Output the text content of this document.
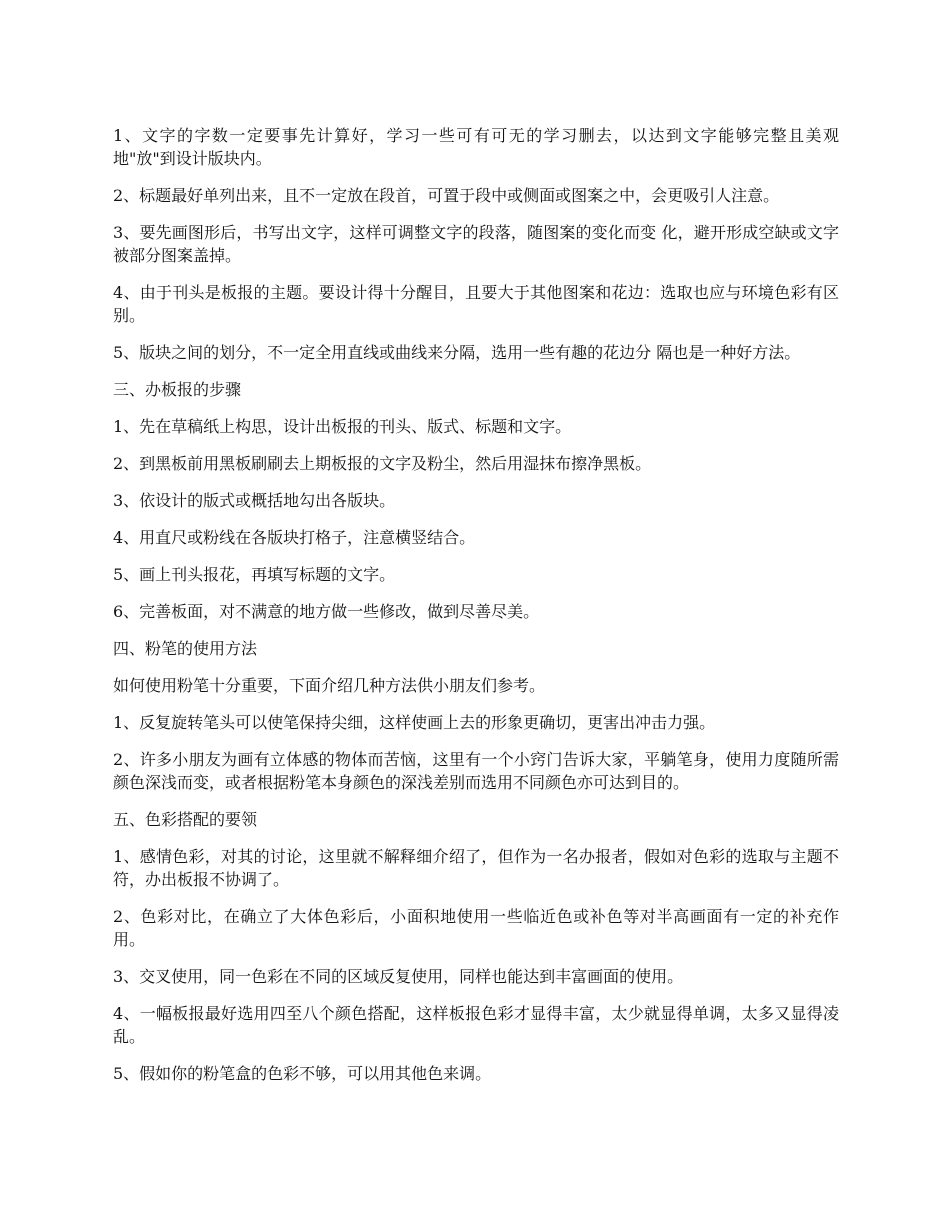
1、文字的字数一定要事先计算好，学习一些可有可无的学习删去，以达到文字能够完整且美观地"放"到设计版块内。

2、标题最好单列出来，且不一定放在段首，可置于段中或侧面或图案之中，会更吸引人注意。

3、要先画图形后，书写出文字，这样可调整文字的段落，随图案的变化而变 化，避开形成空缺或文字被部分图案盖掉。

4、由于刊头是板报的主题。要设计得十分醒目，且要大于其他图案和花边：选取也应与环境色彩有区别。

5、版块之间的划分，不一定全用直线或曲线来分隔，选用一些有趣的花边分 隔也是一种好方法。

三、办板报的步骤

1、先在草稿纸上构思，设计出板报的刊头、版式、标题和文字。

2、到黑板前用黑板刷刷去上期板报的文字及粉尘，然后用湿抹布擦净黑板。

3、依设计的版式或概括地勾出各版块。

4、用直尺或粉线在各版块打格子，注意横竖结合。

5、画上刊头报花，再填写标题的文字。

6、完善板面，对不满意的地方做一些修改，做到尽善尽美。

四、粉笔的使用方法

如何使用粉笔十分重要，下面介绍几种方法供小朋友们参考。

1、反复旋转笔头可以使笔保持尖细，这样使画上去的形象更确切，更害出冲击力强。

2、许多小朋友为画有立体感的物体而苦恼，这里有一个小窍门告诉大家，平躺笔身，使用力度随所需颜色深浅而变，或者根据粉笔本身颜色的深浅差别而选用不同颜色亦可达到目的。

五、色彩搭配的要领

1、感情色彩，对其的讨论，这里就不解释细介绍了，但作为一名办报者，假如对色彩的选取与主题不符，办出板报不协调了。

2、色彩对比，在确立了大体色彩后，小面积地使用一些临近色或补色等对半高画面有一定的补充作用。

3、交叉使用，同一色彩在不同的区域反复使用，同样也能达到丰富画面的使用。

4、一幅板报最好选用四至八个颜色搭配，这样板报色彩才显得丰富，太少就显得单调，太多又显得凌乱。

5、假如你的粉笔盒的色彩不够，可以用其他色来调。
